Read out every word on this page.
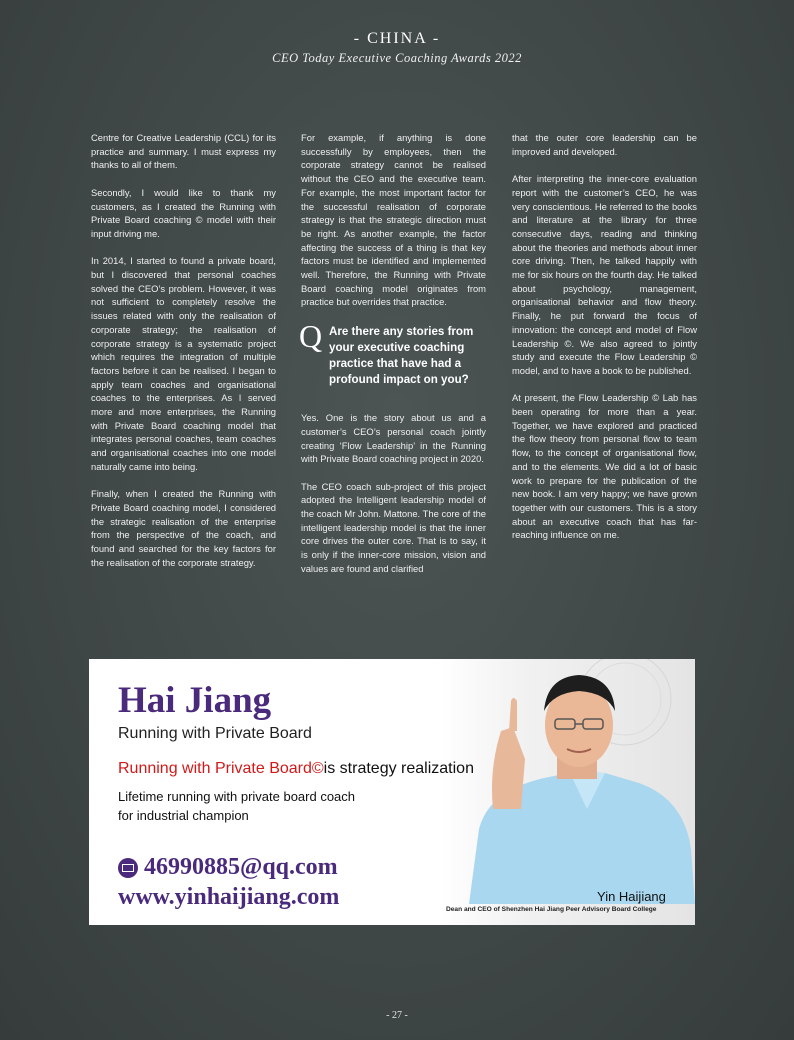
- CHINA -
CEO Today Executive Coaching Awards 2022

Centre for Creative Leadership (CCL) for its practice and summary. I must express my thanks to all of them.

Secondly, I would like to thank my customers, as I created the Running with Private Board coaching © model with their input driving me.

In 2014, I started to found a private board, but I discovered that personal coaches solved the CEO’s problem. However, it was not sufficient to completely resolve the issues related with only the realisation of corporate strategy; the realisation of corporate strategy is a systematic project which requires the integration of multiple factors before it can be realised. I began to apply team coaches and organisational coaches to the enterprises. As I served more and more enterprises, the Running with Private Board coaching model that integrates personal coaches, team coaches and organisational coaches into one model naturally came into being.

Finally, when I created the Running with Private Board coaching model, I considered the strategic realisation of the enterprise from the perspective of the coach, and found and searched for the key factors for the realisation of the corporate strategy.

For example, if anything is done successfully by employees, then the corporate strategy cannot be realised without the CEO and the executive team. For example, the most important factor for the successful realisation of corporate strategy is that the strategic direction must be right. As another example, the factor affecting the success of a thing is that key factors must be identified and implemented well. Therefore, the Running with Private Board coaching model originates from practice but overrides that practice.

Q Are there any stories from your executive coaching practice that have had a profound impact on you?

Yes. One is the story about us and a customer’s CEO’s personal coach jointly creating ‘Flow Leadership’ in the Running with Private Board coaching project in 2020.

The CEO coach sub-project of this project adopted the Intelligent leadership model of the coach Mr John. Mattone. The core of the intelligent leadership model is that the inner core drives the outer core. That is to say, it is only if the inner-core mission, vision and values are found and clarified

that the outer core leadership can be improved and developed.

After interpreting the inner-core evaluation report with the customer’s CEO, he was very conscientious. He referred to the books and literature at the library for three consecutive days, reading and thinking about the theories and methods about inner core driving. Then, he talked happily with me for six hours on the fourth day. He talked about psychology, management, organisational behavior and flow theory. Finally, he put forward the focus of innovation: the concept and model of Flow Leadership ©. We also agreed to jointly study and execute the Flow Leadership © model, and to have a book to be published.

At present, the Flow Leadership © Lab has been operating for more than a year. Together, we have explored and practiced the flow theory from personal flow to team flow, to the concept of organisational flow, and to the elements. We did a lot of basic work to prepare for the publication of the new book. I am very happy; we have grown together with our customers. This is a story about an executive coach that has far-reaching influence on me.

Hai Jiang
Running with Private Board
Running with Private Board©is strategy realization
Lifetime running with private board coach
for industrial champion
46990885@qq.com
www.yinhaijiang.com	Yin Haijiang
Dean and CEO of Shenzhen Hai Jiang Peer Advisory Board College
- 27 -
